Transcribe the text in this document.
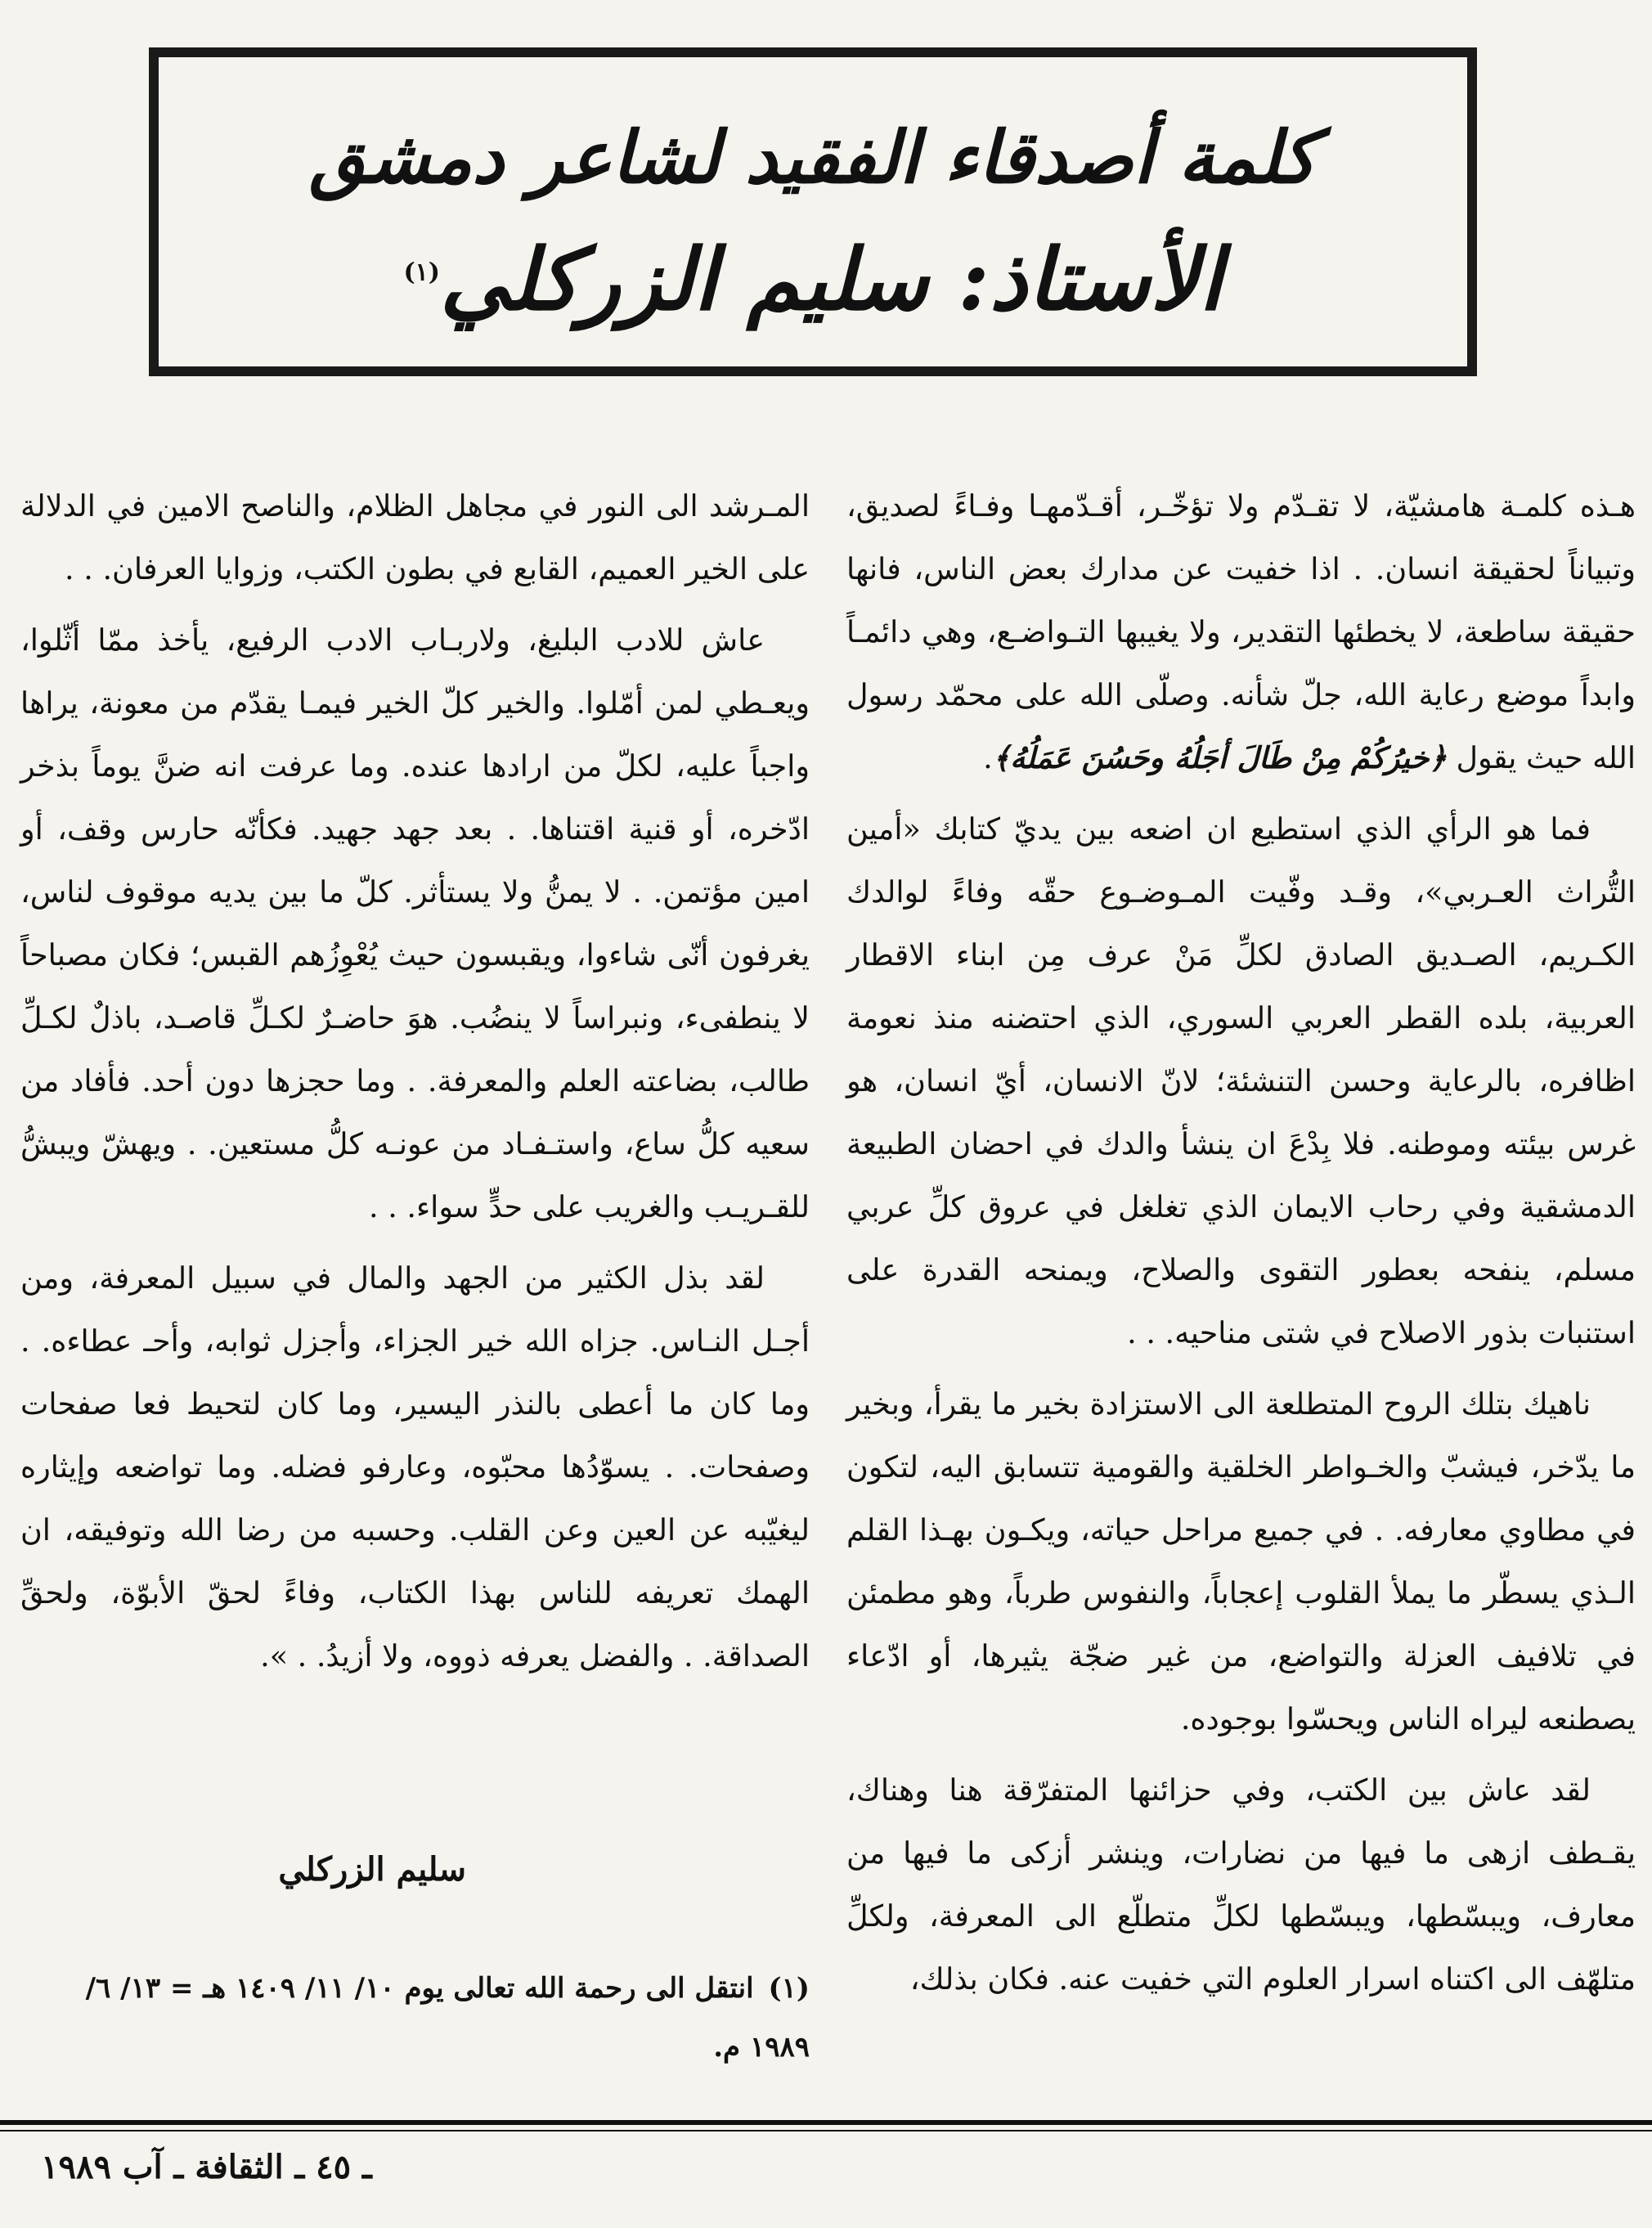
كلمة أصدقاء الفقيد لشاعر دمشق
الأستاذ: سليم الزركلي$^{(١)}$

هـذه كلمـة هامشيّة، لا تقـدّم ولا تؤخّـر، أقـدّمهـا وفـاءً لصديق، وتبياناً لحقيقة انسان. . اذا خفيت عن مدارك بعض الناس، فانها حقيقة ساطعة، لا يخطئها التقدير، ولا يغيبها التـواضـع، وهي دائمـاً وابداً موضع رعاية الله، جلّ شأنه. وصلّى الله على محمّد رسول الله حيث يقول ﴿خيرُكُمْ مِنْ طَالَ أجَلُهُ وحَسُنَ عَمَلُهُ﴾.

فما هو الرأي الذي استطيع ان اضعه بين يديّ كتابك «أمين التُّراث العـربي»، وقـد وفّيت المـوضـوع حقّه وفاءً لوالدك الكـريم، الصـديق الصادق لكلِّ مَنْ عرف مِن ابناء الاقطار العربية، بلده القطر العربي السوري، الذي احتضنه منذ نعومة اظافره، بالرعاية وحسن التنشئة؛ لانّ الانسان، أيّ انسان، هو غرس بيئته وموطنه. فلا بِدْعَ ان ينشأ والدك في احضان الطبيعة الدمشقية وفي رحاب الايمان الذي تغلغل في عروق كلِّ عربي مسلم، ينفحه بعطور التقوى والصلاح، ويمنحه القدرة على استنبات بذور الاصلاح في شتى مناحيه. . .

ناهيك بتلك الروح المتطلعة الى الاستزادة بخير ما يقرأ، وبخير ما يدّخر، فيشبّ والخـواطر الخلقية والقومية تتسابق اليه، لتكون في مطاوي معارفه. . في جميع مراحل حياته، ويكـون بهـذا القلم الـذي يسطّر ما يملأ القلوب إعجاباً، والنفوس طرباً، وهو مطمئن في تلافيف العزلة والتواضع، من غير ضجّة يثيرها، أو ادّعاء يصطنعه ليراه الناس ويحسّوا بوجوده.

لقد عاش بين الكتب، وفي حزائنها المتفرّقة هنا وهناك، يقـطف ازهى ما فيها من نضارات، وينشر أزكى ما فيها من معارف، ويبسّطها، ويبسّطها لكلِّ متطلّع الى المعرفة، ولكلِّ متلهّف الى اكتناه اسرار العلوم التي خفيت عنه. فكان بذلك،

المـرشد الى النور في مجاهل الظلام، والناصح الامين في الدلالة على الخير العميم، القابع في بطون الكتب، وزوايا العرفان. . .

عاش للادب البليغ، ولاربـاب الادب الرفيع، يأخذ ممّا أثّلوا، ويعـطي لمن أمّلوا. والخير كلّ الخير فيمـا يقدّم من معونة، يراها واجباً عليه، لكلّ من ارادها عنده. وما عرفت انه ضنَّ يوماً بذخر ادّخره، أو قنية اقتناها. . بعد جهد جهيد. فكأنّه حارس وقف، أو امين مؤتمن. . لا يمنُّ ولا يستأثر. كلّ ما بين يديه موقوف لناس، يغرفون أنّى شاءوا، ويقبسون حيث يُعْوِزُهم القبس؛ فكان مصباحاً لا ينطفىء، ونبراساً لا ينضُب. هوَ حاضـرٌ لكـلِّ قاصـد، باذلٌ لكـلِّ طالب، بضاعته العلم والمعرفة. . وما حجزها دون أحد. فأفاد من سعيه كلُّ ساع، واستـفـاد من عونـه كلُّ مستعين. . ويهشّ ويبشُّ للقـريـب والغريب على حدٍّ سواء. . .

لقد بذل الكثير من الجهد والمال في سبيل المعرفة، ومن أجـل النـاس. جزاه الله خير الجزاء، وأجزل ثوابه، وأحـ عطاءه. . وما كان ما أعطى بالنذر اليسير، وما كان لتحيط فعا صفحات وصفحات. . يسوّدُها محبّوه، وعارفو فضله. وما تواضعه وإيثاره ليغيّبه عن العين وعن القلب. وحسبه من رضا الله وتوفيقه، ان الهمك تعريفه للناس بهذا الكتاب، وفاءً لحقّ الأبوّة، ولحقِّ الصداقة. . والفضل يعرفه ذووه، ولا أزيدُ. . ».

سليم الزركلي
(١)انتقل الى رحمة الله تعالى يوم ١٠/ ١١/ ١٤٠٩ هـ = ١٣/ ٦/ ١٩٨٩ م.
ـ ٤٥ ـ الثقافة ـ آب ١٩٨٩
